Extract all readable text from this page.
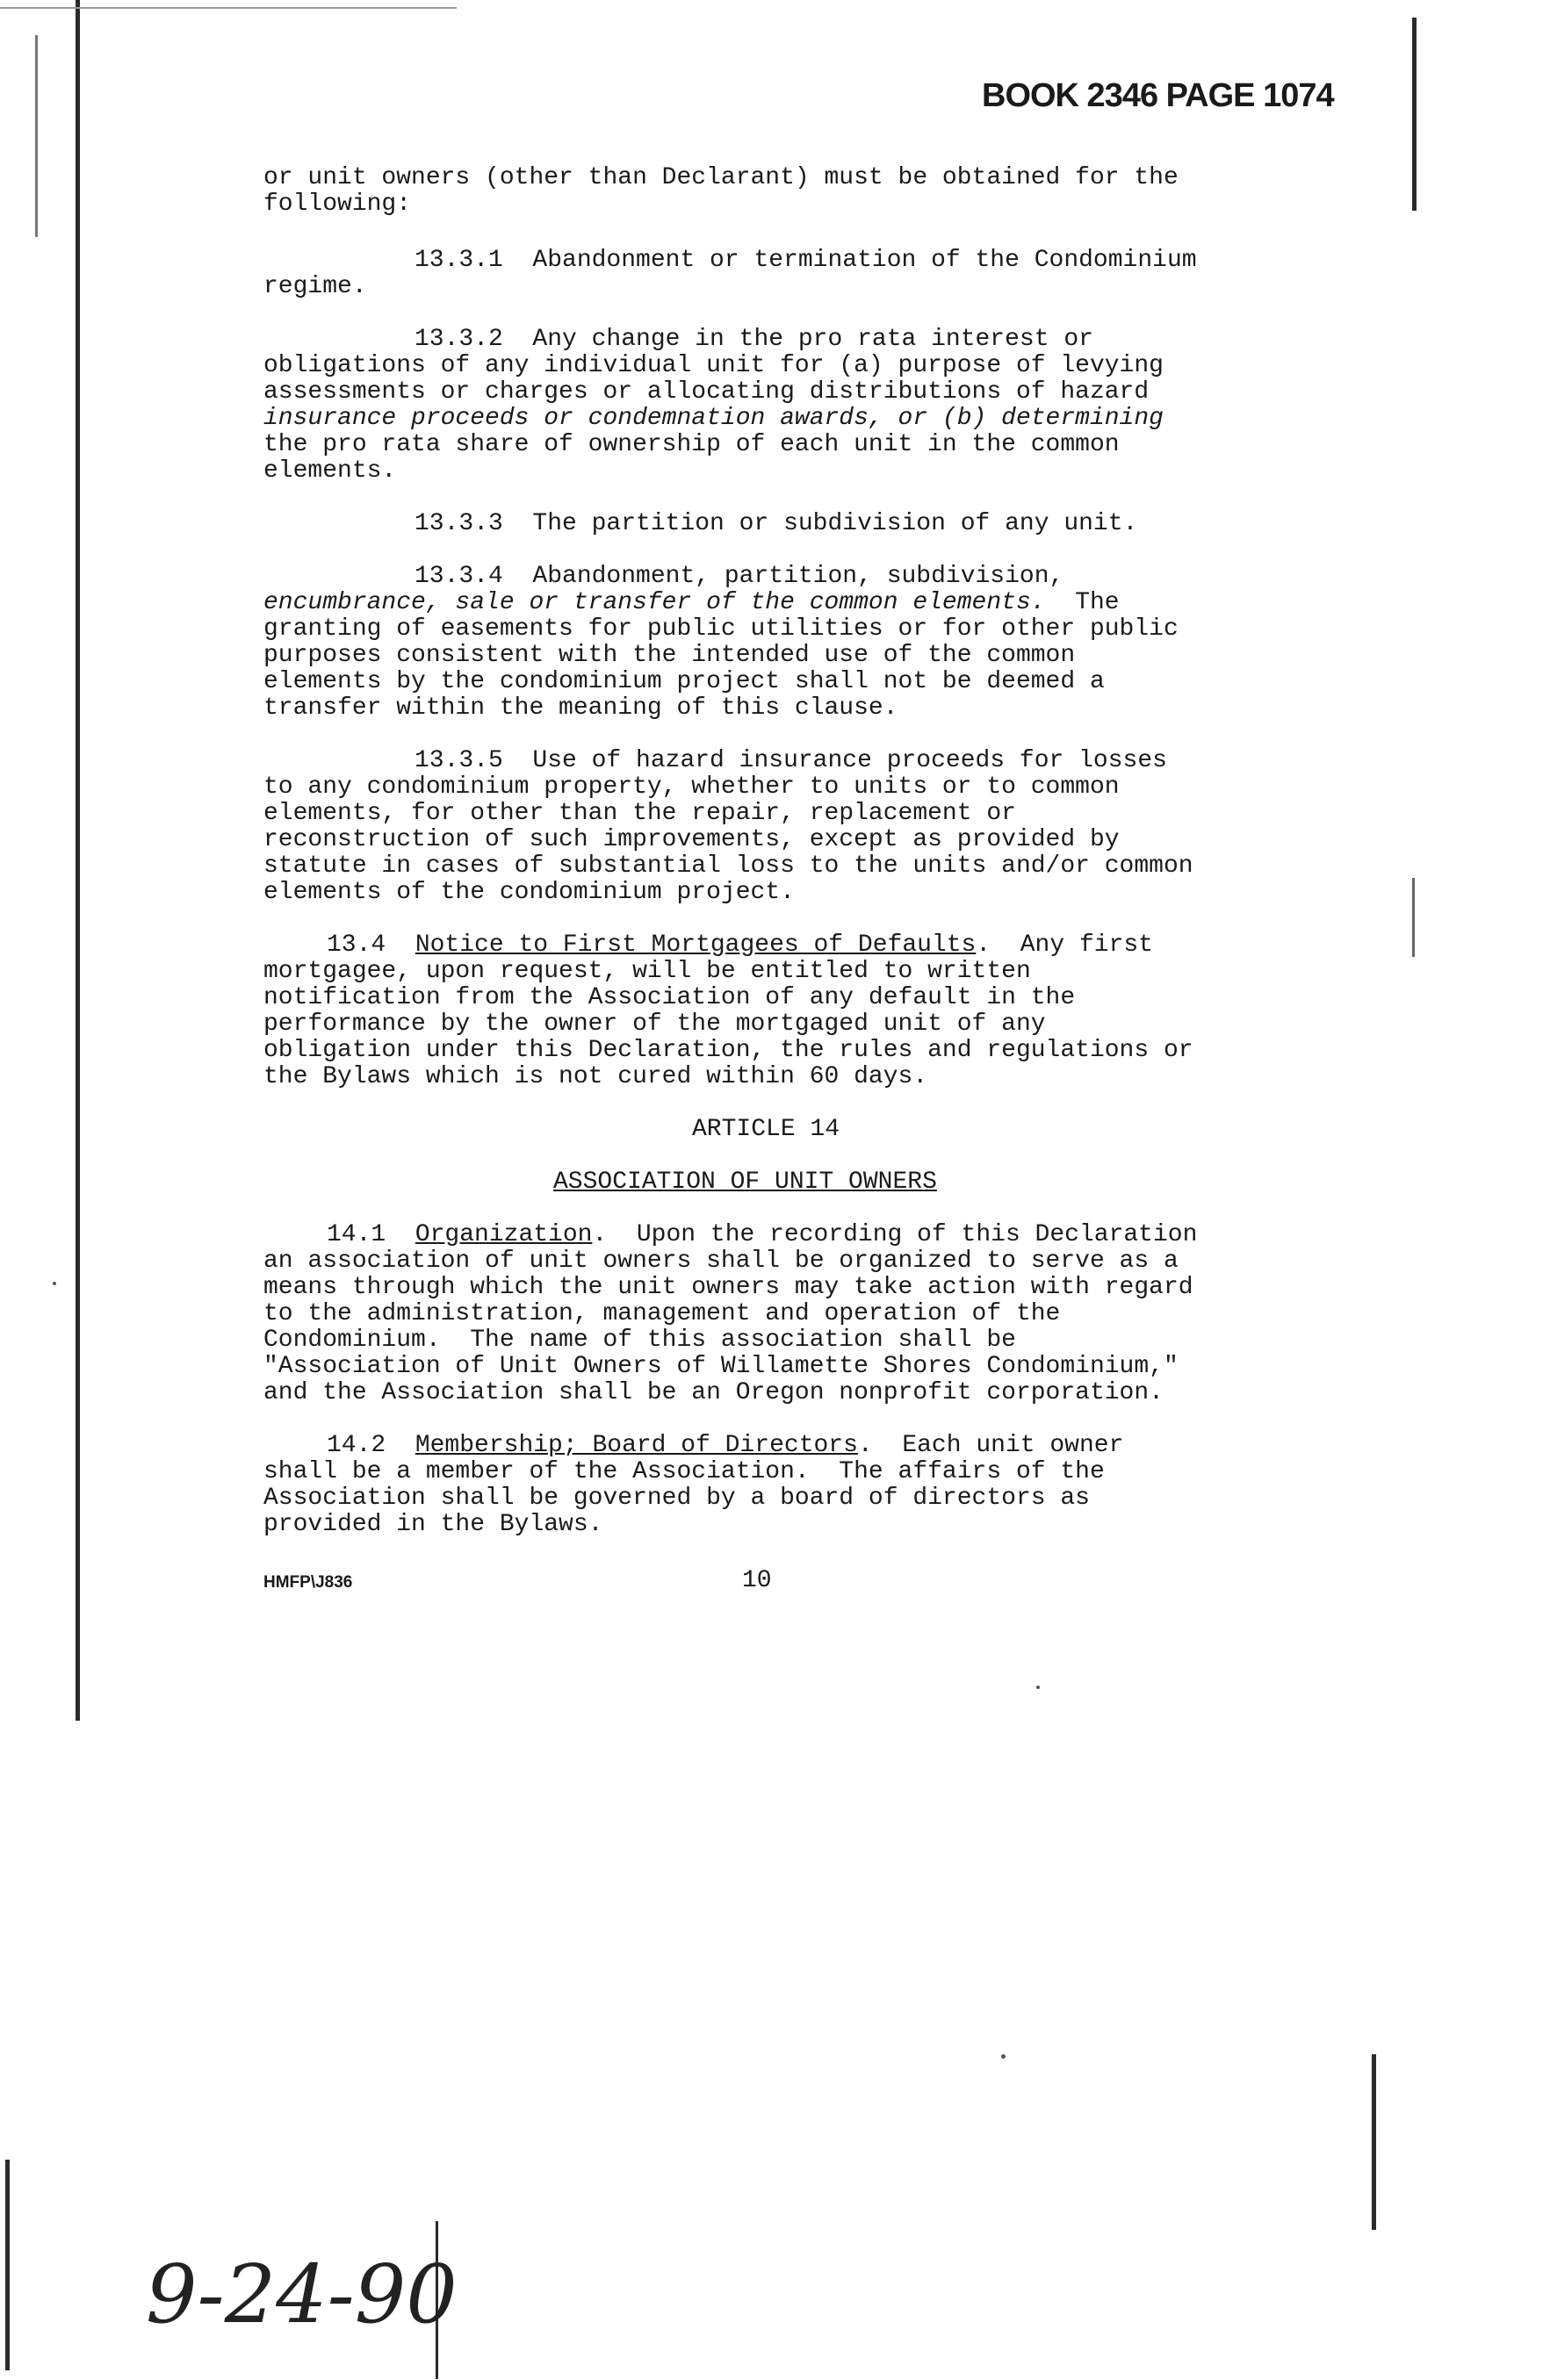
BOOK 2346 PAGE 1074
or unit owners (other than Declarant) must be obtained for the
following:
13.3.1  Abandonment or termination of the Condominium
regime.
13.3.2  Any change in the pro rata interest or
obligations of any individual unit for (a) purpose of levying
assessments or charges or allocating distributions of hazard
insurance proceeds or condemnation awards, or (b) determining
the pro rata share of ownership of each unit in the common
elements.
13.3.3  The partition or subdivision of any unit.
13.3.4  Abandonment, partition, subdivision,
encumbrance, sale or transfer of the common elements.  The
granting of easements for public utilities or for other public
purposes consistent with the intended use of the common
elements by the condominium project shall not be deemed a
transfer within the meaning of this clause.
13.3.5  Use of hazard insurance proceeds for losses
to any condominium property, whether to units or to common
elements, for other than the repair, replacement or
reconstruction of such improvements, except as provided by
statute in cases of substantial loss to the units and/or common
elements of the condominium project.
13.4 Notice to First Mortgagees of Defaults.  Any first
mortgagee, upon request, will be entitled to written
notification from the Association of any default in the
performance by the owner of the mortgaged unit of any
obligation under this Declaration, the rules and regulations or
the Bylaws which is not cured within 60 days.
ARTICLE 14
ASSOCIATION OF UNIT OWNERS
14.1 Organization.  Upon the recording of this Declaration
an association of unit owners shall be organized to serve as a
means through which the unit owners may take action with regard
to the administration, management and operation of the
Condominium.  The name of this association shall be
"Association of Unit Owners of Willamette Shores Condominium,"
and the Association shall be an Oregon nonprofit corporation.
14.2 Membership; Board of Directors.  Each unit owner
shall be a member of the Association.  The affairs of the
Association shall be governed by a board of directors as
provided in the Bylaws.
HMFP\J836	10
9-24-90
